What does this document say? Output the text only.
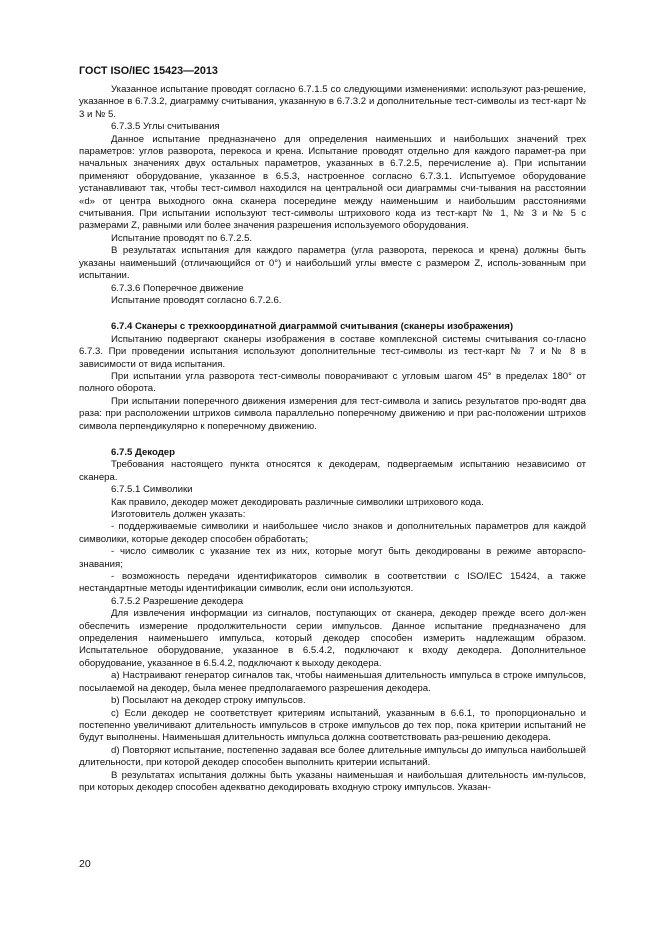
ГОСТ ISO/IEC 15423—2013

Указанное испытание проводят согласно 6.7.1.5 со следующими изменениями: используют раз-решение, указанное в 6.7.3.2, диаграмму считывания, указанную в 6.7.3.2 и дополнительные тест-символы из тест-карт № 3 и № 5.

6.7.3.5 Углы считывания

Данное испытание предназначено для определения наименьших и наибольших значений трех параметров: углов разворота, перекоса и крена. Испытание проводят отдельно для каждого парамет-ра при начальных значениях двух остальных параметров, указанных в 6.7.2.5, перечисление а). При испытании применяют оборудование, указанное в 6.5.3, настроенное согласно 6.7.3.1. Испытуемое оборудование устанавливают так, чтобы тест-символ находился на центральной оси диаграммы счи-тывания на расстоянии «d» от центра выходного окна сканера посередине между наименьшим и наибольшим расстояниями считывания. При испытании используют тест-символы штрихового кода из тест-карт № 1, № 3 и № 5 с размерами Z, равными или более значения разрешения используемого оборудования.

Испытание проводят по 6.7.2.5.

В результатах испытания для каждого параметра (угла разворота, перекоса и крена) должны быть указаны наименьший (отличающийся от 0°) и наибольший углы вместе с размером Z, исполь-зованным при испытании.

6.7.3.6 Поперечное движение

Испытание проводят согласно 6.7.2.6.

6.7.4 Сканеры с трехкоординатной диаграммой считывания (сканеры изображения)

Испытанию подвергают сканеры изображения в составе комплексной системы считывания со-гласно 6.7.3. При проведении испытания используют дополнительные тест-символы из тест-карт № 7 и № 8 в зависимости от вида испытания.

При испытании угла разворота тест-символы поворачивают с угловым шагом 45° в пределах 180° от полного оборота.

При испытании поперечного движения измерения для тест-символа и запись результатов про-водят два раза: при расположении штрихов символа параллельно поперечному движению и при рас-положении штрихов символа перпендикулярно к поперечному движению.

6.7.5 Декодер

Требования настоящего пункта относятся к декодерам, подвергаемым испытанию независимо от сканера.

6.7.5.1 Символики

Как правило, декодер может декодировать различные символики штрихового кода.

Изготовитель должен указать:

- поддерживаемые символики и наибольшее число знаков и дополнительных параметров для каждой символики, которые декодер способен обработать;

- число символик с указание тех из них, которые могут быть декодированы в режиме автораспо-знавания;

- возможность передачи идентификаторов символик в соответствии с ISO/IEC 15424, а также нестандартные методы идентификации символик, если они используются.

6.7.5.2 Разрешение декодера

Для извлечения информации из сигналов, поступающих от сканера, декодер прежде всего дол-жен обеспечить измерение продолжительности серии импульсов. Данное испытание предназначено для определения наименьшего импульса, который декодер способен измерить надлежащим образом. Испытательное оборудование, указанное в 6.5.4.2, подключают к входу декодера. Дополнительное оборудование, указанное в 6.5.4.2, подключают к выходу декодера.

a) Настраивают генератор сигналов так, чтобы наименьшая длительность импульса в строке импульсов, посылаемой на декодер, была менее предполагаемого разрешения декодера.

b) Посылают на декодер строку импульсов.

c) Если декодер не соответствует критериям испытаний, указанным в 6.6.1, то пропорционально и постепенно увеличивают длительность импульсов в строке импульсов до тех пор, пока критерии испытаний не будут выполнены. Наименьшая длительность импульса должна соответствовать раз-решению декодера.

d) Повторяют испытание, постепенно задавая все более длительные импульсы до импульса наибольшей длительности, при которой декодер способен выполнить критерии испытаний.

В результатах испытания должны быть указаны наименьшая и наибольшая длительность им-пульсов, при которых декодер способен адекватно декодировать входную строку импульсов. Указан-

20
